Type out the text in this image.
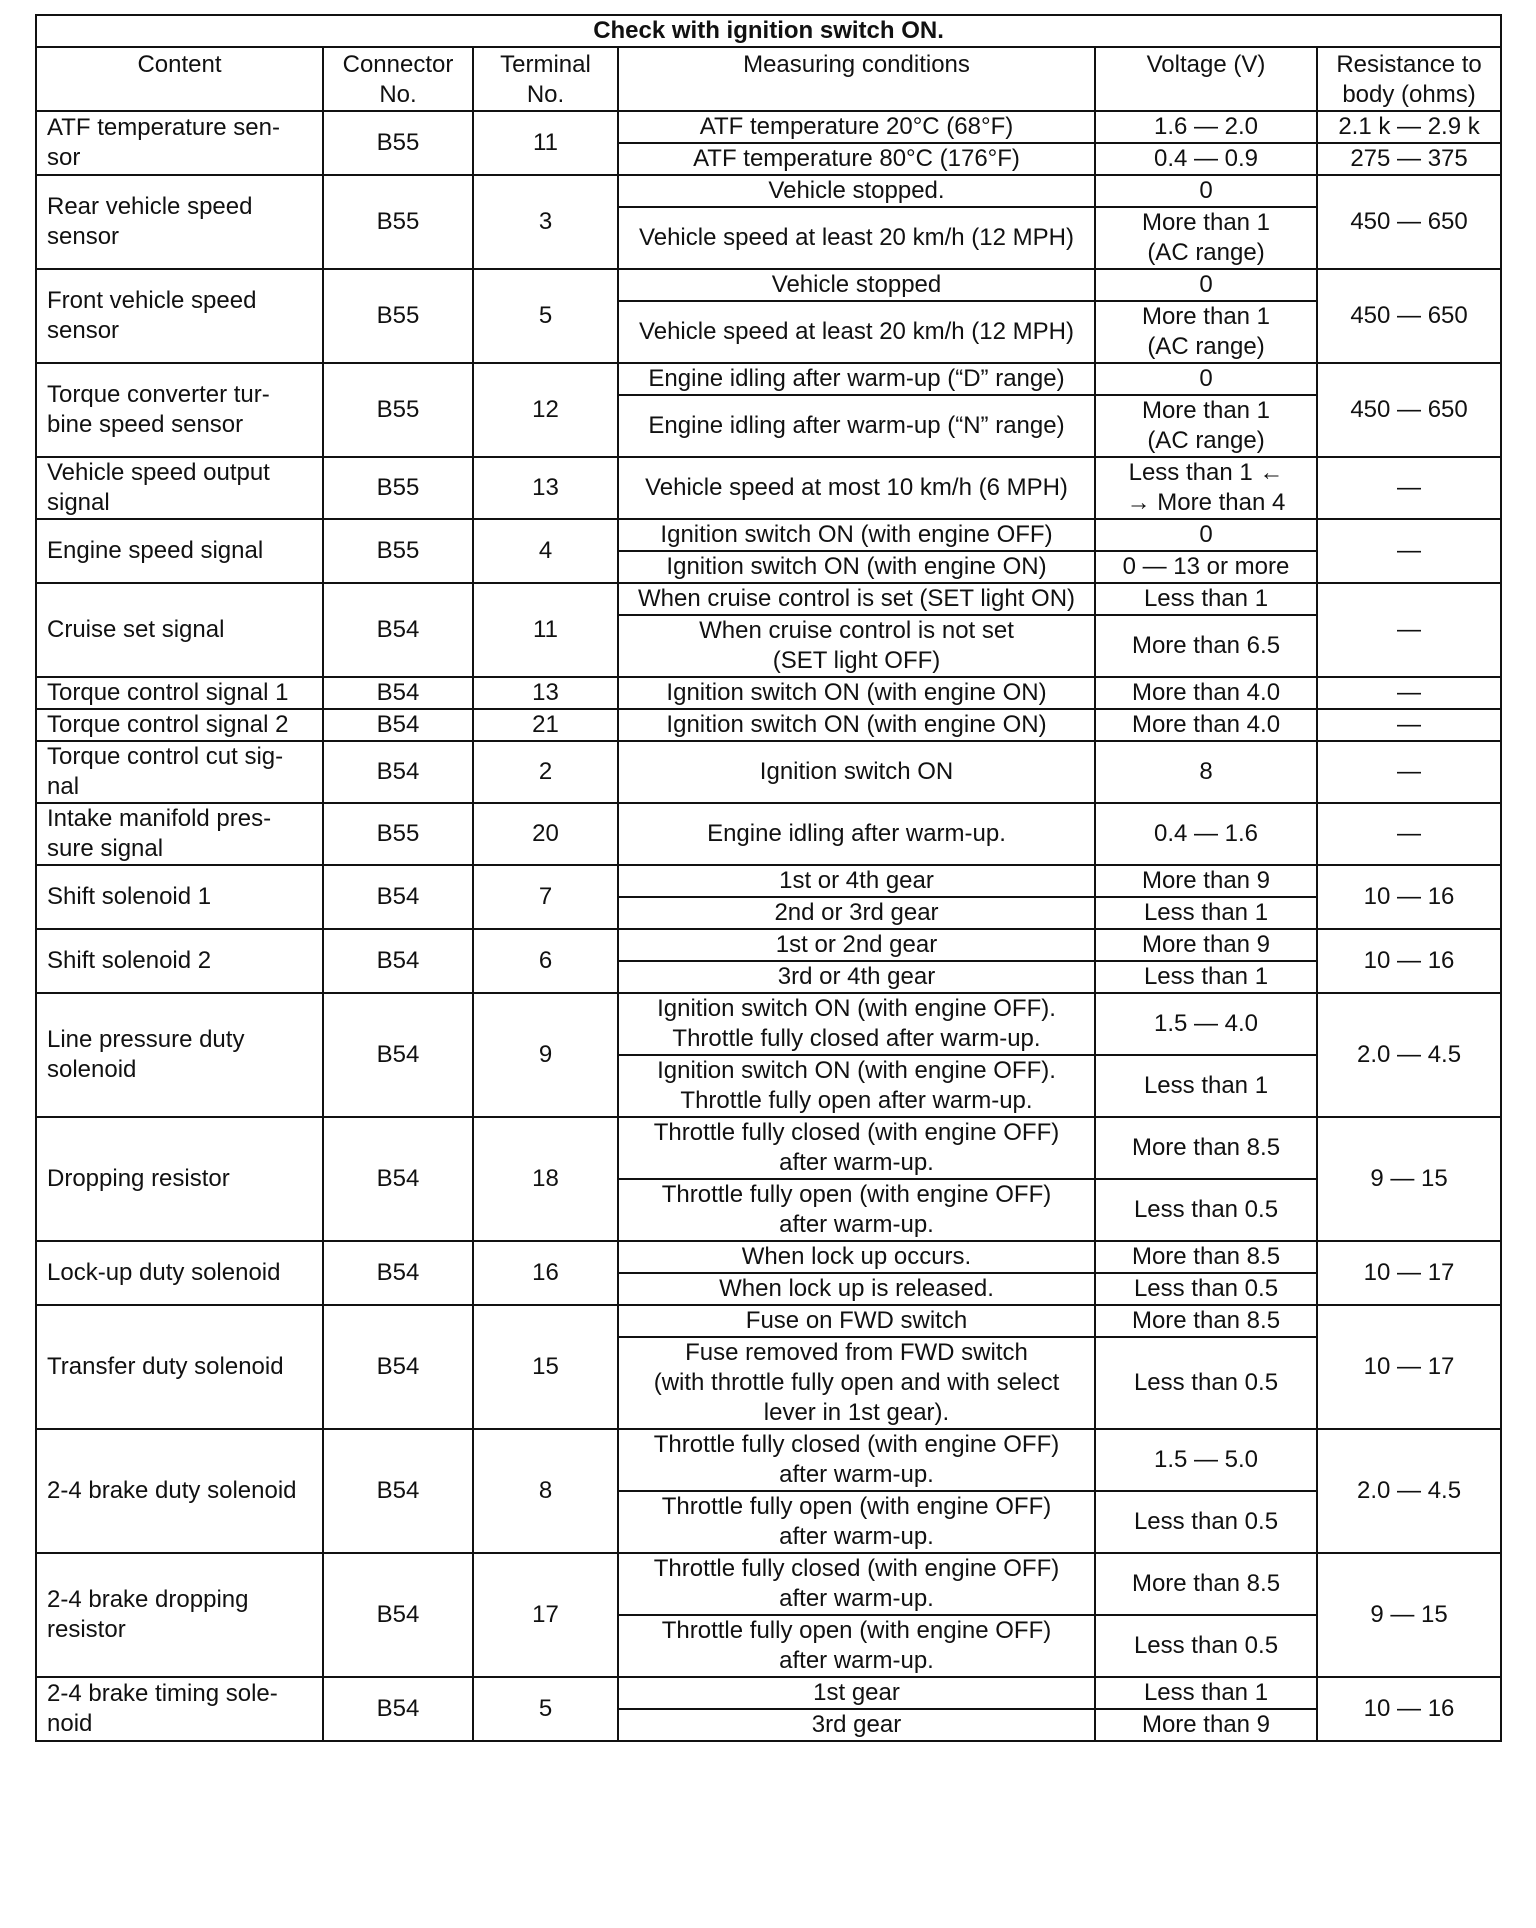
Check with ignition switch ON.					
Content	Connector
No.	Terminal
No.	Measuring conditions	Voltage (V)	Resistance to
body (ohms)
ATF temperature sen-
sor	B55	11	ATF temperature 20°C (68°F)	1.6 — 2.0	2.1 k — 2.9 k
			ATF temperature 80°C (176°F)	0.4 — 0.9	275 — 375
Rear vehicle speed
sensor	B55	3	Vehicle stopped.	0	450 — 650
			Vehicle speed at least 20 km/h (12 MPH)	More than 1
(AC range)	
Front vehicle speed
sensor	B55	5	Vehicle stopped	0	450 — 650
			Vehicle speed at least 20 km/h (12 MPH)	More than 1
(AC range)	
Torque converter tur-
bine speed sensor	B55	12	Engine idling after warm-up (“D” range)	0	450 — 650
			Engine idling after warm-up (“N” range)	More than 1
(AC range)	
Vehicle speed output
signal	B55	13	Vehicle speed at most 10 km/h (6 MPH)	Less than 1 ←
→ More than 4	—
Engine speed signal	B55	4	Ignition switch ON (with engine OFF)	0	—
			Ignition switch ON (with engine ON)	0 — 13 or more	
Cruise set signal	B54	11	When cruise control is set (SET light ON)	Less than 1	—
			When cruise control is not set
(SET light OFF)	More than 6.5	
Torque control signal 1	B54	13	Ignition switch ON (with engine ON)	More than 4.0	—
Torque control signal 2	B54	21	Ignition switch ON (with engine ON)	More than 4.0	—
Torque control cut sig-
nal	B54	2	Ignition switch ON	8	—
Intake manifold pres-
sure signal	B55	20	Engine idling after warm-up.	0.4 — 1.6	—
Shift solenoid 1	B54	7	1st or 4th gear	More than 9	10 — 16
			2nd or 3rd gear	Less than 1	
Shift solenoid 2	B54	6	1st or 2nd gear	More than 9	10 — 16
			3rd or 4th gear	Less than 1	
Line pressure duty
solenoid	B54	9	Ignition switch ON (with engine OFF).
Throttle fully closed after warm-up.	1.5 — 4.0	2.0 — 4.5
			Ignition switch ON (with engine OFF).
Throttle fully open after warm-up.	Less than 1	
Dropping resistor	B54	18	Throttle fully closed (with engine OFF)
after warm-up.	More than 8.5	9 — 15
			Throttle fully open (with engine OFF)
after warm-up.	Less than 0.5	
Lock-up duty solenoid	B54	16	When lock up occurs.	More than 8.5	10 — 17
			When lock up is released.	Less than 0.5	
Transfer duty solenoid	B54	15	Fuse on FWD switch	More than 8.5	10 — 17
			Fuse removed from FWD switch
(with throttle fully open and with select
lever in 1st gear).	Less than 0.5	
2-4 brake duty solenoid	B54	8	Throttle fully closed (with engine OFF)
after warm-up.	1.5 — 5.0	2.0 — 4.5
			Throttle fully open (with engine OFF)
after warm-up.	Less than 0.5	
2-4 brake dropping
resistor	B54	17	Throttle fully closed (with engine OFF)
after warm-up.	More than 8.5	9 — 15
			Throttle fully open (with engine OFF)
after warm-up.	Less than 0.5	
2-4 brake timing sole-
noid	B54	5	1st gear	Less than 1	10 — 16
			3rd gear	More than 9	
